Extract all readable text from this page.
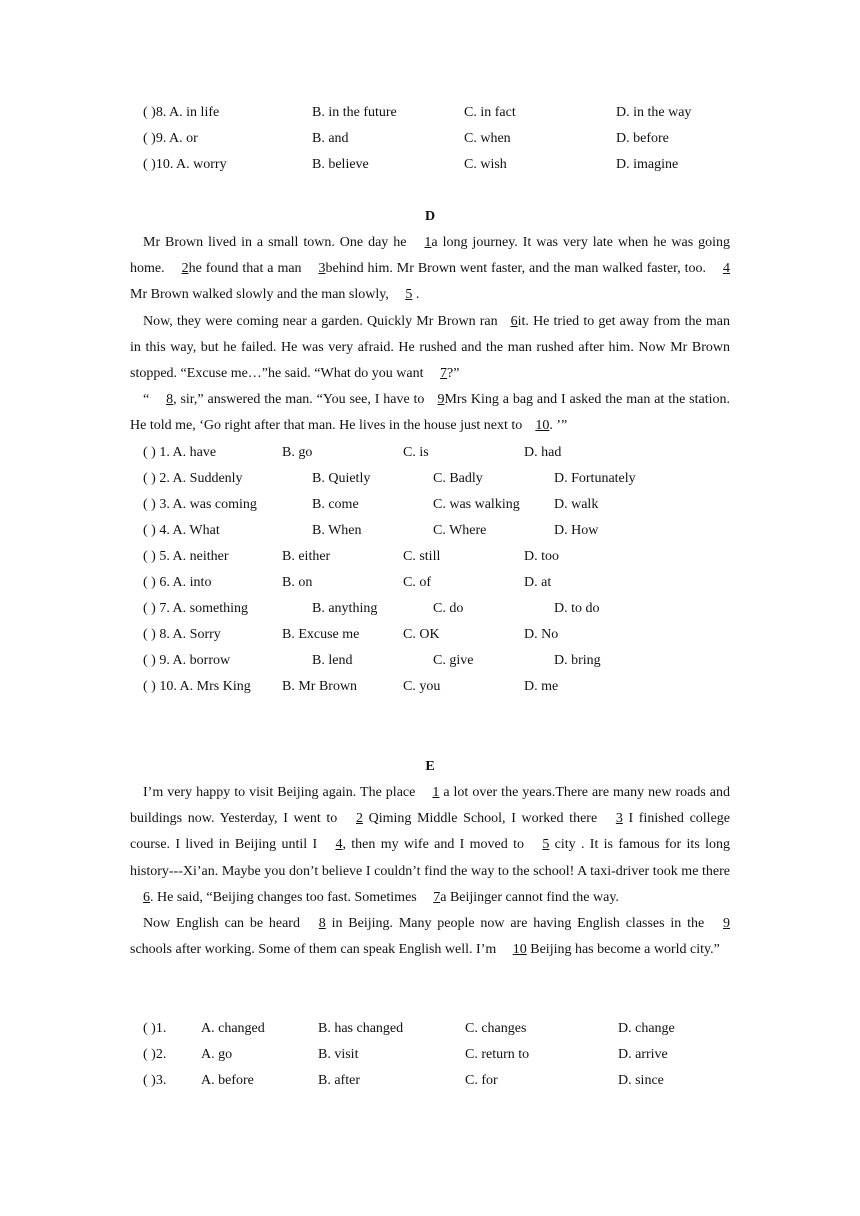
( )8. A. in life	B. in the future	C. in fact	D. in the way
( )9. A. or	B. and	C. when	D. before
( )10. A. worry	B. believe	C. wish	D. imagine
D

Mr Brown lived in a small town. One day he 1a long journey. It was very late when he was going home. 2he found that a man 3behind him. Mr Brown went faster, and the man walked faster, too. 4 Mr Brown walked slowly and the man slowly, 5 .

Now, they were coming near a garden. Quickly Mr Brown ran6it. He tried to get away from the man in this way, but he failed. He was very afraid. He rushed and the man rushed after him. Now Mr Brown stopped. “Excuse me…”he said. “What do you want 7?”

“ 8, sir,” answered the man. “You see, I have to9Mrs King a bag and I asked the man at the station. He told me, ‘Go right after that man. He lives in the house just next to10. ’”

( ) 1. A. have	B. go	C. is	D. had
( ) 2. A. Suddenly	B. Quietly	C. Badly	D. Fortunately
( ) 3. A. was coming	B. come	C. was walking D. walk
( ) 4. A. What	B. When	C. Where	D. How
( ) 5. A. neither	B. either	C. still	D. too
( ) 6. A. into	B. on	C. of	D. at
( ) 7. A. something	B. anything	C. do	D. to do
( ) 8. A. Sorry	B. Excuse me	C. OK	D. No
( ) 9. A. borrow	B. lend	C. give	D. bring
( ) 10. A. Mrs King B. Mr Brown	C. you	D. me
E

I’m very happy to visit Beijing again. The place 1 a lot over the years.There are many new roads and buildings now. Yesterday, I went to 2 Qiming Middle School, I worked there 3 I finished college course. I lived in Beijing until I 4, then my wife and I moved to 5 city . It is famous for its long history---Xi’an. Maybe you don’t believe I couldn’t find the way to the school! A taxi-driver took me there 6. He said, “Beijing changes too fast. Sometimes 7a Beijinger cannot find the way.

Now English can be heard 8 in Beijing. Many people now are having English classes in the 9 schools after working. Some of them can speak English well. I’m 10 Beijing has become a world city.”

( )1. A. changed	B. has changed	C. changes	D. change
( )2. A. go	B. visit	C. return to	D. arrive
( )3. A. before	B. after	C. for	D. since
